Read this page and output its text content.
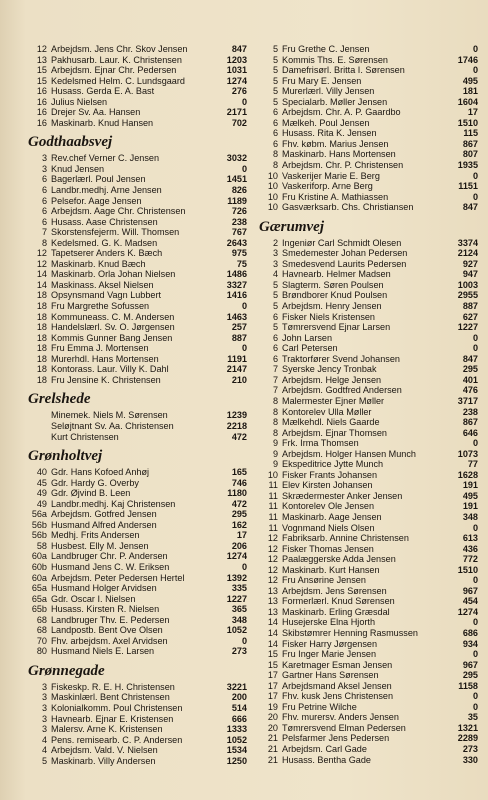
12 Arbejdsm. Jens Chr. Skov Jensen	847
13 Pakhusarb. Laur. K. Christensen	1203
15 Arbejdsm. Ejnar Chr. Pedersen	1031
15 Kedelsmed Helm. C. Lundsgaard	1274
16 Husass. Gerda E. A. Bast	276
16 Julius Nielsen	0
16 Drejer Sv. Aa. Hansen	2171
16 Maskinarb. Knud Hansen	702
Godthaabsvej
3 Rev.chef Verner C. Jensen	3032
3 Knud Jensen	0
6 Bagerlærl. Poul Jensen	1451
6 Landbr.medhj. Arne Jensen	826
6 Pelsefor. Aage Jensen	1189
6 Arbejdsm. Aage Chr. Christensen	726
6 Husass. Aase Christensen	238
7 Skorstensfejerm. Will. Thomsen	767
8 Kedelsmed. G. K. Madsen	2643
12 Tapetserer Anders K. Bæch	975
12 Maskinarb. Knud Bæch	75
14 Maskinarb. Orla Johan Nielsen	1486
14 Maskinass. Aksel Nielsen	3327
18 Opsynsmand Vagn Lubbert	1416
18 Fru Margrethe Sofussen	0
18 Kommuneass. C. M. Andersen	1463
18 Handelslærl. Sv. O. Jørgensen	257
18 Kommis Gunner Bang Jensen	887
18 Fru Emma J. Mortensen	0
18 Murerhdl. Hans Mortensen	1191
18 Kontorass. Laur. Villy K. Dahl	2147
18 Fru Jensine K. Christensen	210
Grelshede
Minemek. Niels M. Sørensen	1239
Seløjtnant Sv. Aa. Christensen	2218
Kurt Christensen	472
Grønholtvej
40 Gdr. Hans Kofoed Anhøj	165
45 Gdr. Hardy G. Overby	746
49 Gdr. Øjvind B. Leen	1180
49 Landbr.medhj. Kaj Christensen	472
56a Arbejdsm. Gotfred Jensen	295
56b Husmand Alfred Andersen	162
56b Medhj. Frits Andersen	17
58 Husbest. Elly M. Jensen	206
60a Landbruger Chr. P. Andersen	1274
60b Husmand Jens C. W. Eriksen	0
60a Arbejdsm. Peter Pedersen Hertel	1392
65a Husmand Holger Arvidsen	335
65a Gdr. Oscar I. Nielsen	1227
65b Husass. Kirsten R. Nielsen	365
68 Landbruger Thv. E. Pedersen	348
68 Landpostb. Bent Ove Olsen	1052
70 Fhv. arbejdsm. Axel Arvidsen	0
80 Husmand Niels E. Larsen	273
Grønnegade
3 Fiskeskp. R. E. H. Christensen	3221
3 Maskinlærl. Bent Christensen	200
3 Kolonialkomm. Poul Christensen	514
3 Havnearb. Ejnar E. Kristensen	666
3 Malersv. Arne K. Kristensen	1333
4 Pens. remisearb. C. P. Andersen	1052
4 Arbejdsm. Vald. V. Nielsen	1534
5 Maskinarb. Villy Andersen	1250
5 Fru Grethe C. Jensen	0
5 Kommis Ths. E. Sørensen	1746
5 Damefrisørl. Britta I. Sørensen	0
5 Fru Mary E. Jensen	495
5 Murerlærl. Villy Jensen	181
5 Specialarb. Møller Jensen	1604
6 Arbejdsm. Chr. A. P. Gaardbo	17
6 Mælkeh. Poul Jensen	1510
6 Husass. Rita K. Jensen	115
6 Fhv. købm. Marius Jensen	867
8 Maskinarb. Hans Mortensen	807
8 Arbejdsm. Chr. P. Christensen	1935
10 Vaskerijer Marie E. Berg	0
10 Vaskeriforp. Arne Berg	1151
10 Fru Kristine A. Mathiassen	0
10 Gasværksarb. Chs. Christiansen	847
Gærumvej
2 Ingeniør Carl Schmidt Olesen	3374
3 Smedemester Johan Pedersen	2124
3 Smedesvend Laurits Pedersen	927
4 Havnearb. Helmer Madsen	947
5 Slagterm. Søren Poulsen	1003
5 Brøndborer Knud Poulsen	2955
5 Arbejdsm. Henry Jensen	887
6 Fisker Niels Kristensen	627
5 Tømrersvend Ejnar Larsen	1227
6 John Larsen	0
6 Carl Petersen	0
6 Traktorfører Svend Johansen	847
7 Syerske Jency Tronbak	295
7 Arbejdsm. Helge Jensen	401
7 Arbejdsm. Godtfred Andersen	476
8 Malermester Ejner Møller	3717
8 Kontorelev Ulla Møller	238
8 Mælkehdl. Niels Gaarde	867
8 Arbejdsm. Ejnar Thomsen	646
9 Frk. Irma Thomsen	0
9 Arbejdsm. Holger Hansen Munch	1073
9 Ekspeditrice Jytte Munch	77
10 Fisker Frants Johansen	1628
11 Elev Kirsten Johansen	191
11 Skrædermester Anker Jensen	495
11 Kontorelev Ole Jensen	191
11 Maskinarb. Aage Jensen	348
11 Vognmand Niels Olsen	0
12 Fabriksarb. Annine Christensen	613
12 Fisker Thomas Jensen	436
12 Paalæggerske Adda Jensen	772
12 Maskinarb. Kurt Hansen	1510
12 Fru Ansørine Jensen	0
13 Arbejdsm. Jens Sørensen	967
13 Formerlærl. Knud Sørensen	454
13 Maskinarb. Erling Græsdal	1274
14 Husejerske Elna Hjorth	0
14 Skibstømrer Henning Rasmussen	686
14 Fisker Harry Jørgensen	934
15 Fru Inger Marie Jensen	0
15 Karetmager Esman Jensen	967
17 Gartner Hans Sørensen	295
17 Arbejdsmand Aksel Jensen	1158
17 Fhv. kusk Jens Christensen	0
19 Fru Petrine Wilche	0
20 Fhv. murersv. Anders Jensen	35
20 Tømrersvend Elman Pedersen	1321
21 Pelsfarmer Jens Pedersen	2289
21 Arbejdsm. Carl Gade	273
21 Husass. Bentha Gade	330
